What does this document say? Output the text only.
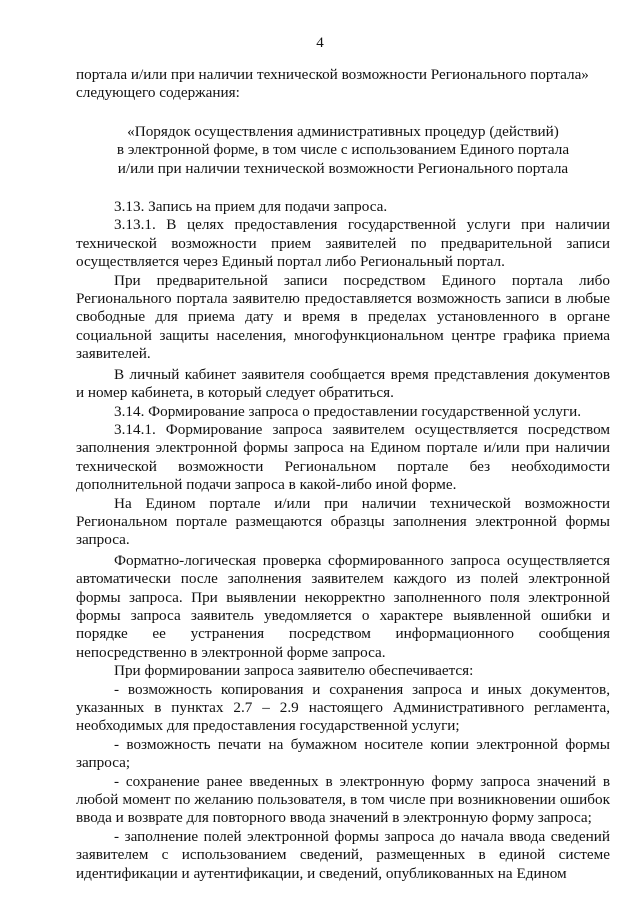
4

портала и/или при наличии технической возможности Регионального портала»

следующего содержания:

«Порядок осуществления административных процедур (действий)
в электронной форме, в том числе с использованием Единого портала
и/или при наличии технической возможности Регионального портала

3.13. Запись на прием для подачи запроса.

3.13.1. В целях предоставления государственной услуги при наличии технической возможности прием заявителей по предварительной записи осуществляется через Единый портал либо Региональный портал.

При предварительной записи посредством Единого портала либо Регионального портала заявителю предоставляется возможность записи в любые свободные для приема дату и время в пределах установленного в органе социальной защиты населения, многофункциональном центре графика приема заявителей.

В личный кабинет заявителя сообщается время представления документов и номер кабинета, в который следует обратиться.

3.14. Формирование запроса о предоставлении государственной услуги.

3.14.1. Формирование запроса заявителем осуществляется посредством заполнения электронной формы запроса на Едином портале и/или при наличии технической возможности Региональном портале без необходимости дополнительной подачи запроса в какой-либо иной форме.

На Едином портале и/или при наличии технической возможности Региональном портале размещаются образцы заполнения электронной формы запроса.

Форматно-логическая проверка сформированного запроса осуществляется автоматически после заполнения заявителем каждого из полей электронной формы запроса. При выявлении некорректно заполненного поля электронной формы запроса заявитель уведомляется о характере выявленной ошибки и порядке ее устранения посредством информационного сообщения непосредственно в электронной форме запроса.

При формировании запроса заявителю обеспечивается:

- возможность копирования и сохранения запроса и иных документов, указанных в пунктах 2.7 – 2.9 настоящего Административного регламента, необходимых для предоставления государственной услуги;

- возможность печати на бумажном носителе копии электронной формы запроса;

- сохранение ранее введенных в электронную форму запроса значений в любой момент по желанию пользователя, в том числе при возникновении ошибок ввода и возврате для повторного ввода значений в электронную форму запроса;

- заполнение полей электронной формы запроса до начала ввода сведений заявителем с использованием сведений, размещенных в единой системе идентификации и аутентификации, и сведений, опубликованных на Едином
